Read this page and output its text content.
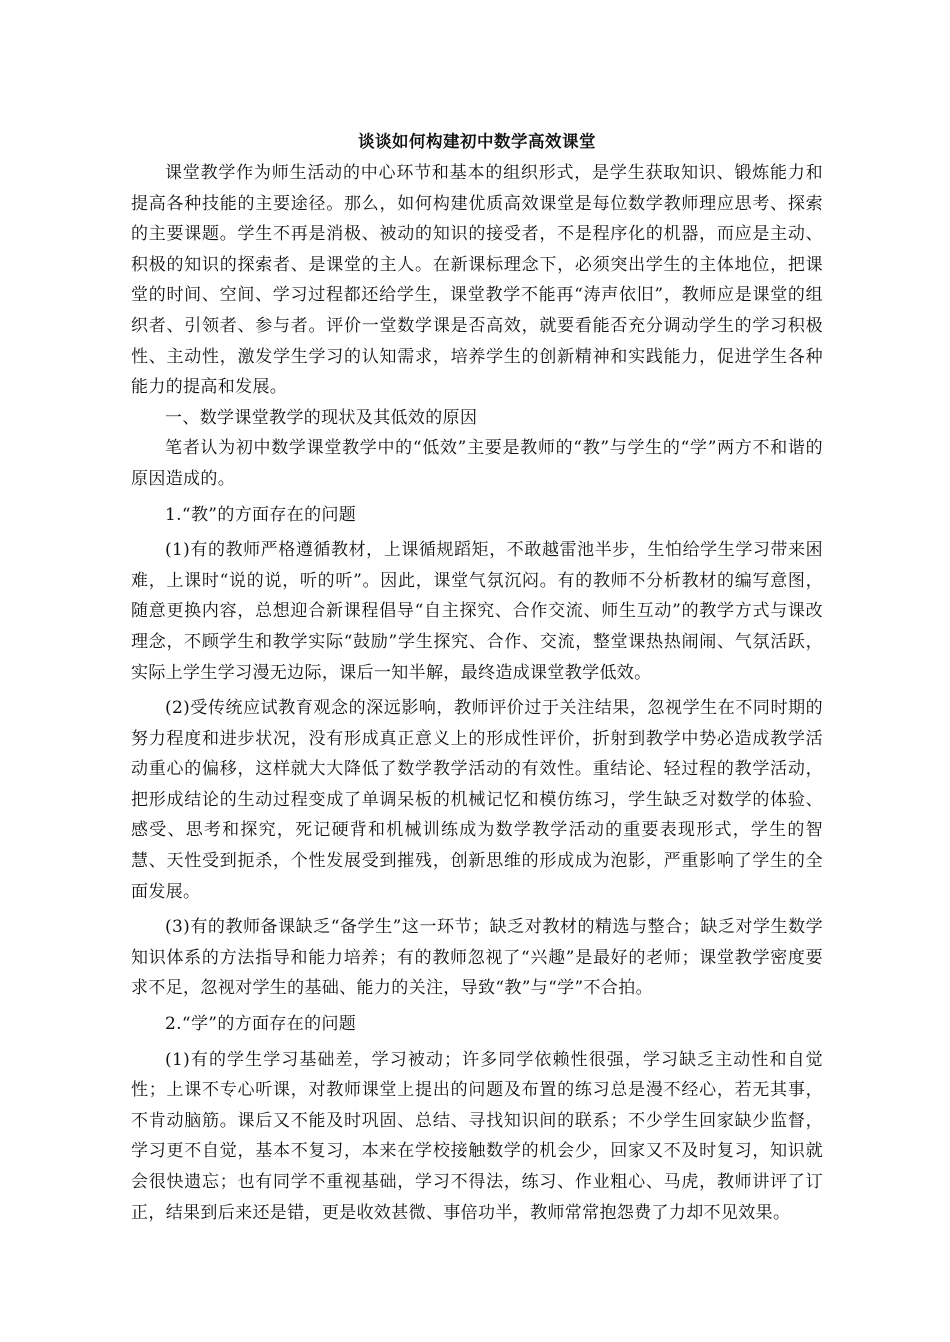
谈谈如何构建初中数学高效课堂

课堂教学作为师生活动的中心环节和基本的组织形式，是学生获取知识、锻炼能力和提高各种技能的主要途径。那么，如何构建优质高效课堂是每位数学教师理应思考、探索的主要课题。学生不再是消极、被动的知识的接受者，不是程序化的机器，而应是主动、积极的知识的探索者、是课堂的主人。在新课标理念下，必须突出学生的主体地位，把课堂的时间、空间、学习过程都还给学生，课堂教学不能再“涛声依旧”，教师应是课堂的组织者、引领者、参与者。评价一堂数学课是否高效，就要看能否充分调动学生的学习积极性、主动性，激发学生学习的认知需求，培养学生的创新精神和实践能力，促进学生各种能力的提高和发展。

一、数学课堂教学的现状及其低效的原因

笔者认为初中数学课堂教学中的“低效”主要是教师的“教”与学生的“学”两方不和谐的原因造成的。

1.“教”的方面存在的问题

(1)有的教师严格遵循教材，上课循规蹈矩，不敢越雷池半步，生怕给学生学习带来困难，上课时“说的说，听的听”。因此，课堂气氛沉闷。有的教师不分析教材的编写意图，随意更换内容，总想迎合新课程倡导“自主探究、合作交流、师生互动”的教学方式与课改理念，不顾学生和教学实际“鼓励”学生探究、合作、交流，整堂课热热闹闹、气氛活跃，实际上学生学习漫无边际，课后一知半解，最终造成课堂教学低效。

(2)受传统应试教育观念的深远影响，教师评价过于关注结果，忽视学生在不同时期的努力程度和进步状况，没有形成真正意义上的形成性评价，折射到教学中势必造成教学活动重心的偏移，这样就大大降低了数学教学活动的有效性。重结论、轻过程的教学活动，把形成结论的生动过程变成了单调呆板的机械记忆和模仿练习，学生缺乏对数学的体验、感受、思考和探究，死记硬背和机械训练成为数学教学活动的重要表现形式，学生的智慧、天性受到扼杀，个性发展受到摧残，创新思维的形成成为泡影，严重影响了学生的全面发展。

(3)有的教师备课缺乏“备学生”这一环节；缺乏对教材的精选与整合；缺乏对学生数学知识体系的方法指导和能力培养；有的教师忽视了“兴趣”是最好的老师；课堂教学密度要求不足，忽视对学生的基础、能力的关注，导致“教”与“学”不合拍。

2.“学”的方面存在的问题

(1)有的学生学习基础差，学习被动；许多同学依赖性很强，学习缺乏主动性和自觉性；上课不专心听课，对教师课堂上提出的问题及布置的练习总是漫不经心，若无其事，不肯动脑筋。课后又不能及时巩固、总结、寻找知识间的联系；不少学生回家缺少监督，学习更不自觉，基本不复习，本来在学校接触数学的机会少，回家又不及时复习，知识就会很快遗忘；也有同学不重视基础，学习不得法，练习、作业粗心、马虎，教师讲评了订正，结果到后来还是错，更是收效甚微、事倍功半，教师常常抱怨费了力却不见效果。
